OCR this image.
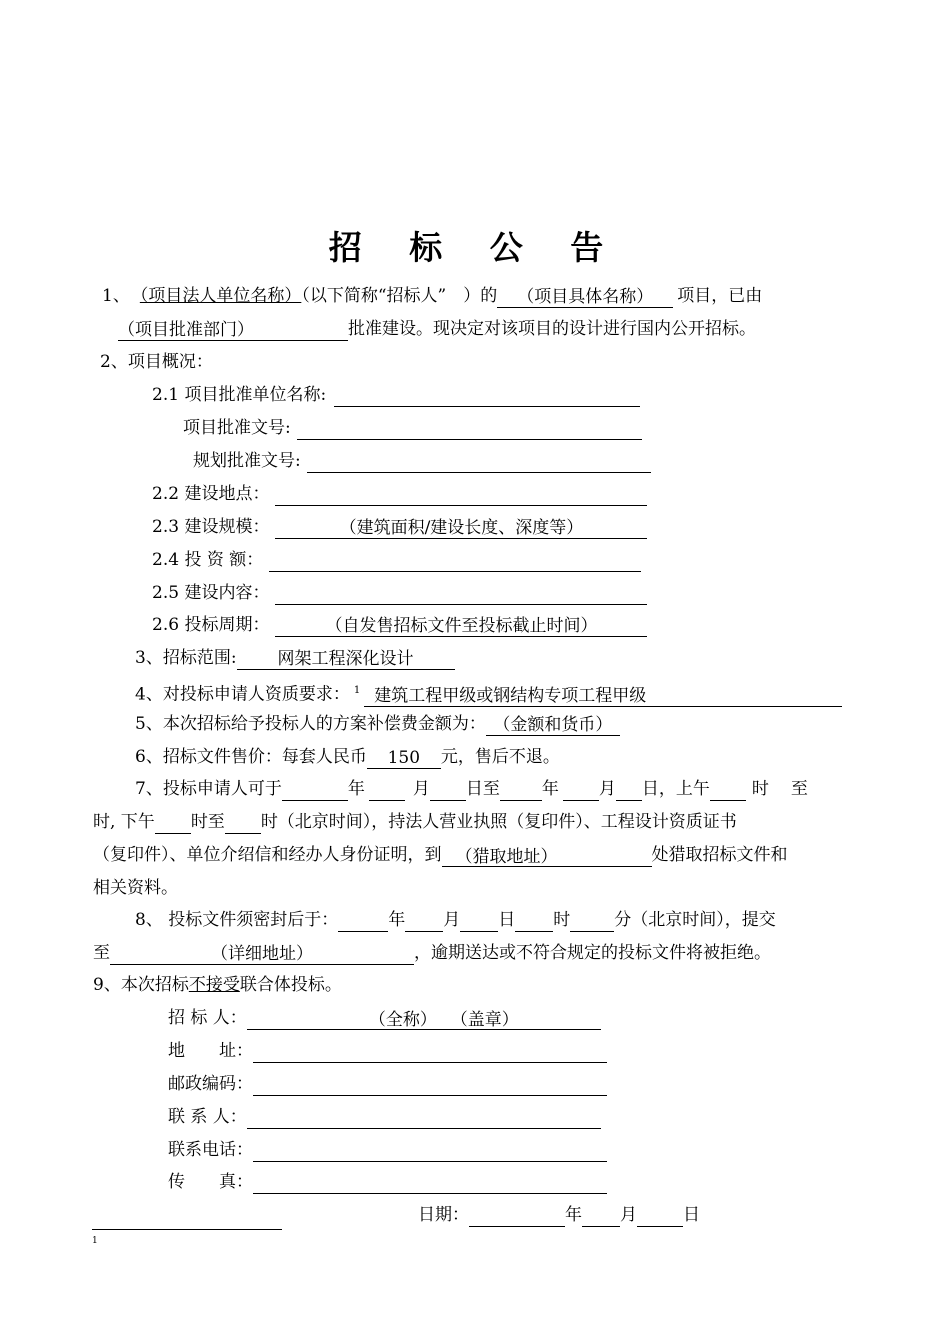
招 标 公 告
1、 （项目法人单位名称）（以下简称“招标人”　）的 （项目具体名称） 项目，已由
（项目批准部门）	批准建设。现决定对该项目的设计进行国内公开招标。
2、项目概况：
2.1 项目批准单位名称:
项目批准文号:
规划批准文号:
2.2 建设地点：
2.3 建设规模：	（建筑面积/建设长度、深度等）
2.4 投 资 额：
2.5 建设内容：
2.6 投标周期：	（自发售招标文件至投标截止时间）
3、招标范围: 网架工程深化设计
4、对投标申请人资质要求： $^1$ 建筑工程甲级或钢结构专项工程甲级
5、本次招标给予投标人的方案补偿费金额为： （金额和货币）
6、招标文件售价：每套人民币 150 元，售后不退。
7、投标申请人可于	年	月 日至 年 月 日，上午 时 至
时, 下午 时至 时（北京时间），持法人营业执照（复印件）、工程设计资质证书
（复印件）、单位介绍信和经办人身份证明，到 （猎取地址）	处猎取招标文件和
相关资料。
8、 投标文件须密封后于：	年 月 日 时	分（北京时间），提交
至	（详细地址）	，逾期送达或不符合规定的投标文件将被拒绝。
9、本次招标不接受联合体投标。
招 标 人：	（全称）　 （盖章）
地　　址：
邮政编码：
联 系 人：
联系电话：
传　　真：
日期：	年 月	日
1
